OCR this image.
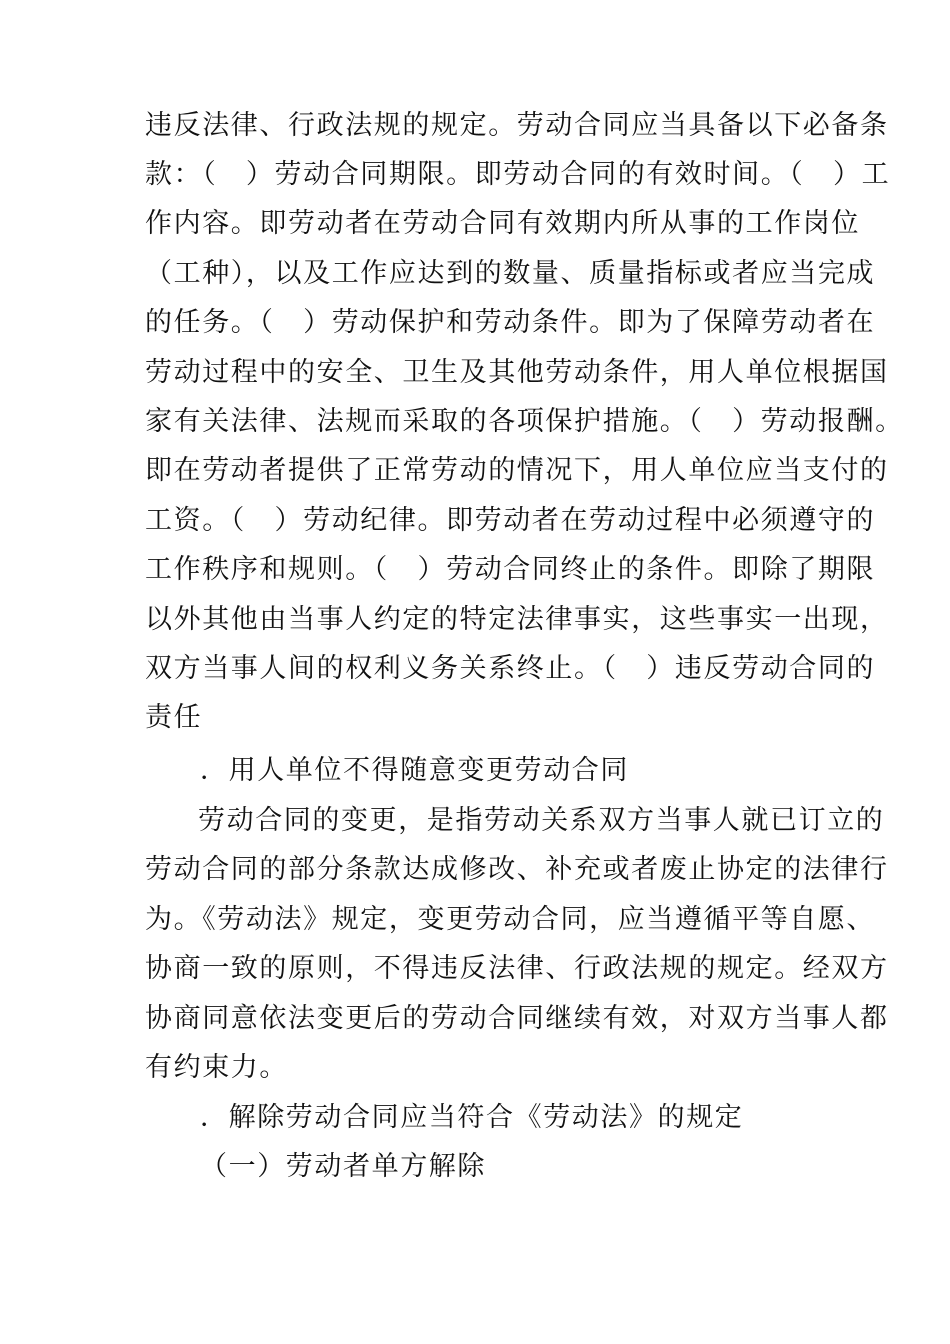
违反法律、行政法规的规定。劳动合同应当具备以下必备条
款：（　）劳动合同期限。即劳动合同的有效时间。（　）工
作内容。即劳动者在劳动合同有效期内所从事的工作岗位
（工种），以及工作应达到的数量、质量指标或者应当完成
的任务。（　）劳动保护和劳动条件。即为了保障劳动者在
劳动过程中的安全、卫生及其他劳动条件，用人单位根据国
家有关法律、法规而采取的各项保护措施。（　）劳动报酬。
即在劳动者提供了正常劳动的情况下，用人单位应当支付的
工资。（　）劳动纪律。即劳动者在劳动过程中必须遵守的
工作秩序和规则。（　）劳动合同终止的条件。即除了期限
以外其他由当事人约定的特定法律事实，这些事实一出现，
双方当事人间的权利义务关系终止。（　）违反劳动合同的
责任
．用人单位不得随意变更劳动合同
劳动合同的变更，是指劳动关系双方当事人就已订立的
劳动合同的部分条款达成修改、补充或者废止协定的法律行
为。《劳动法》规定，变更劳动合同，应当遵循平等自愿、
协商一致的原则，不得违反法律、行政法规的规定。经双方
协商同意依法变更后的劳动合同继续有效，对双方当事人都
有约束力。
．解除劳动合同应当符合《劳动法》的规定
（一）劳动者单方解除
